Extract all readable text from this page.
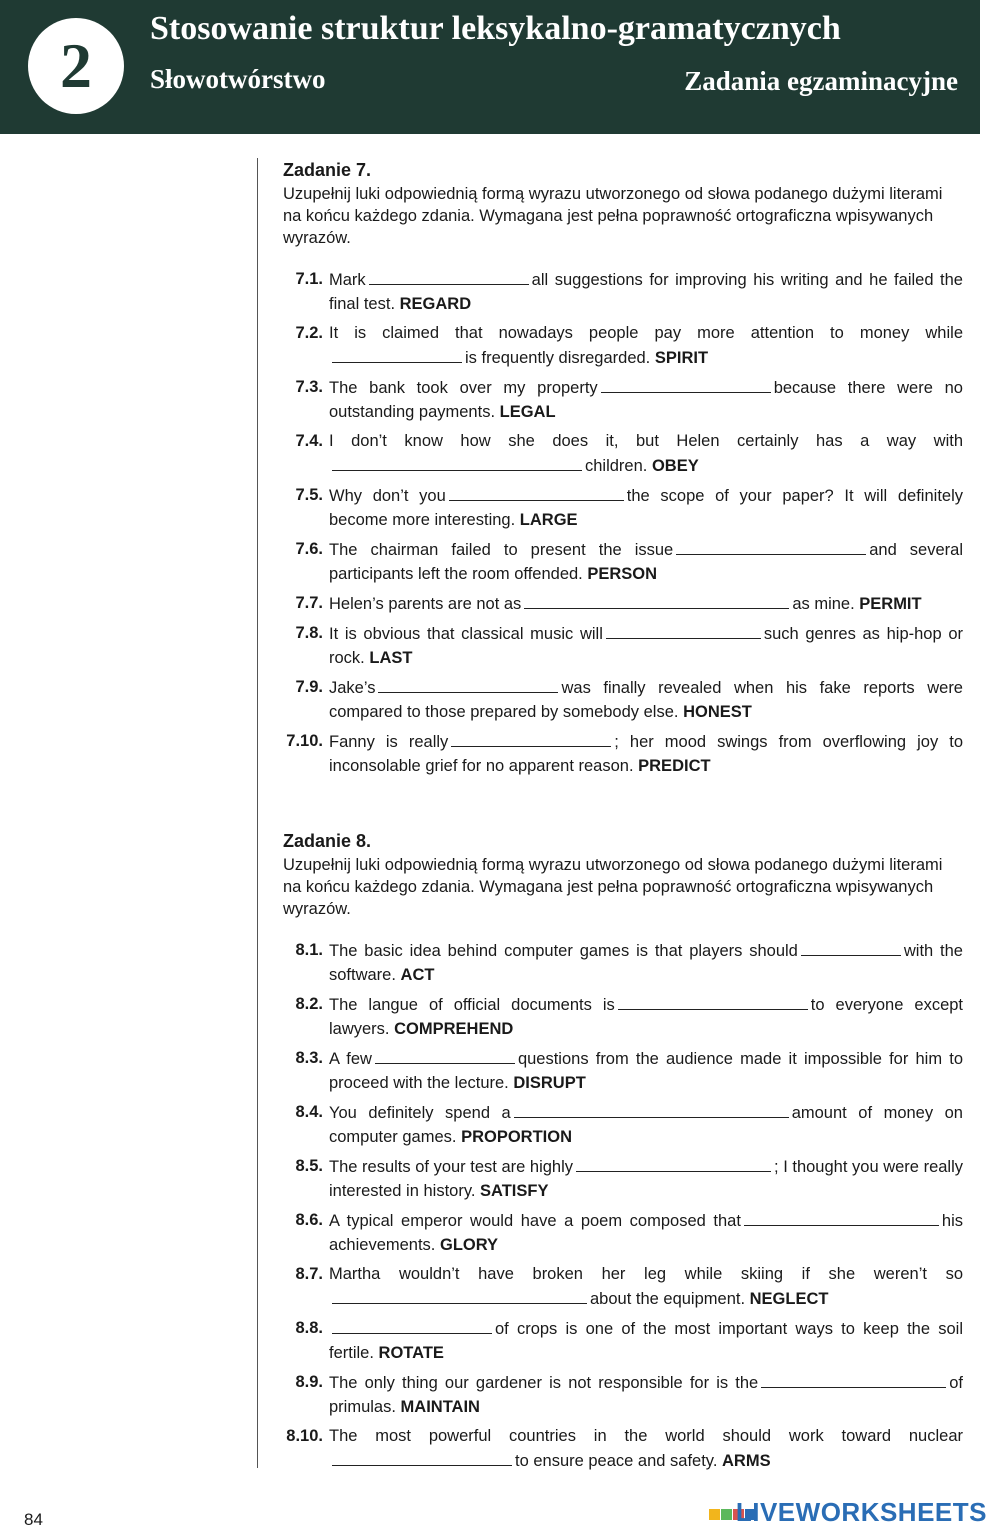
2
Stosowanie struktur leksykalno-gramatycznych
Słowotwórstwo	Zadania egzaminacyjne
Zadanie 7.
Uzupełnij luki odpowiednią formą wyrazu utworzonego od słowa podanego dużymi literami na końcu każdego zdania. Wymagana jest pełna poprawność ortograficzna wpisywanych wyrazów.
7.1. Mark	all suggestions for improving his writing and he failed the final test. REGARD
7.2. It is claimed that nowadays people pay more attention to money whileis frequently disregarded. SPIRIT
7.3. The bank took over my property	because there were no outstanding payments. LEGAL
7.4. I don’t know how she does it, but Helen certainly has a way withchildren. OBEY
7.5. Why don’t you	the scope of your paper? It will definitely become more interesting. LARGE
7.6. The chairman failed to present the issue	and several participants left the room offended. PERSON
7.7. Helen’s parents are not as	as mine. PERMIT
7.8. It is obvious that classical music will	such genres as hip-hop or rock. LAST
7.9. Jake’s	was finally revealed when his fake reports were compared to those prepared by somebody else. HONEST
7.10. Fanny is really	; her mood swings from overflowing joy to inconsolable grief for no apparent reason. PREDICT
Zadanie 8.
Uzupełnij luki odpowiednią formą wyrazu utworzonego od słowa podanego dużymi literami na końcu każdego zdania. Wymagana jest pełna poprawność ortograficzna wpisywanych wyrazów.
8.1. The basic idea behind computer games is that players should	with the software. ACT
8.2. The langue of official documents is	to everyone except lawyers. COMPREHEND
8.3. A few	questions from the audience made it impossible for him to proceed with the lecture. DISRUPT
8.4. You definitely spend a	amount of money on computer games. PROPORTION
8.5. The results of your test are highly	; I thought you were really interested in history. SATISFY
8.6. A typical emperor would have a poem composed that	his achievements. GLORY
8.7. Martha wouldn’t have broken her leg while skiing if she weren’t soabout the equipment. NEGLECT
8.8.	of crops is one of the most important ways to keep the soil fertile. ROTATE
8.9. The only thing our gardener is not responsible for is the	of primulas. MAINTAIN
8.10. The most powerful countries in the world should work toward nuclearto ensure peace and safety. ARMS
84	LIVEWORKSHEETS
